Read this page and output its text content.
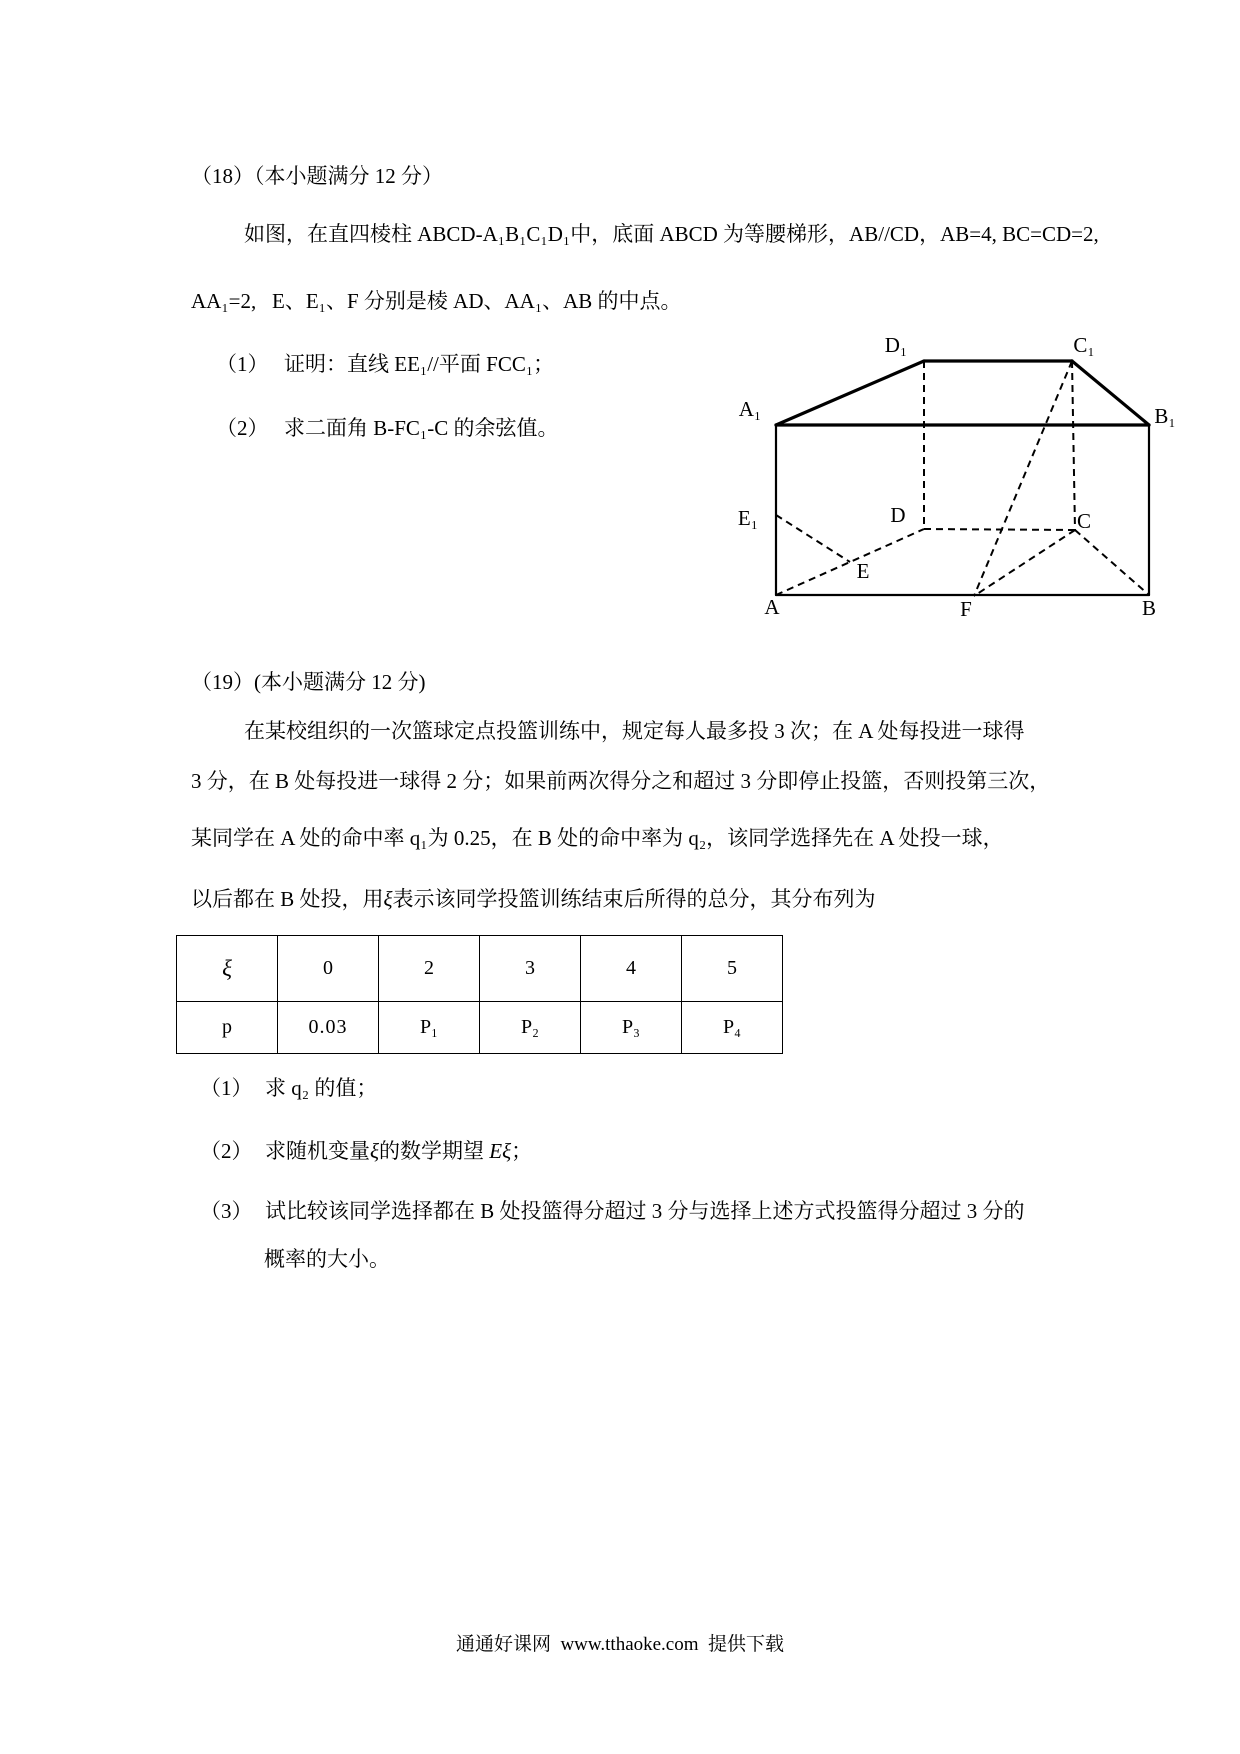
（18）（本小题满分 12 分）
如图，在直四棱柱 ABCD-A₁B₁C₁D₁中，底面 ABCD 为等腰梯形，AB//CD，AB=4, BC=CD=2,
AA₁=2,   E、E₁、F 分别是棱 AD、AA₁、AB 的中点。
（1） 证明：直线 EE₁//平面 FCC₁；
（2） 求二面角 B-FC₁-C 的余弦值。
D₁	C₁
A₁	B₁
E₁	D	C
E
A	F	B
（19）(本小题满分 12 分)
在某校组织的一次篮球定点投篮训练中，规定每人最多投 3 次；在 A 处每投进一球得
3 分，在 B 处每投进一球得 2 分；如果前两次得分之和超过 3 分即停止投篮，否则投第三次，
某同学在 A 处的命中率 q₁为 0.25，在 B 处的命中率为 q₂，该同学选择先在 A 处投一球，
以后都在 B 处投，用ξ表示该同学投篮训练结束后所得的总分，其分布列为
ξ	0	2	3	4	5
p	0.03	P₁	P₂	P₃	P₄
（1） 求 q₂ 的值；
（2） 求随机变量ξ的数学期望 Eξ；
（3） 试比较该同学选择都在 B 处投篮得分超过 3 分与选择上述方式投篮得分超过 3 分的
概率的大小。
通通好课网  www.tthaoke.com  提供下载
